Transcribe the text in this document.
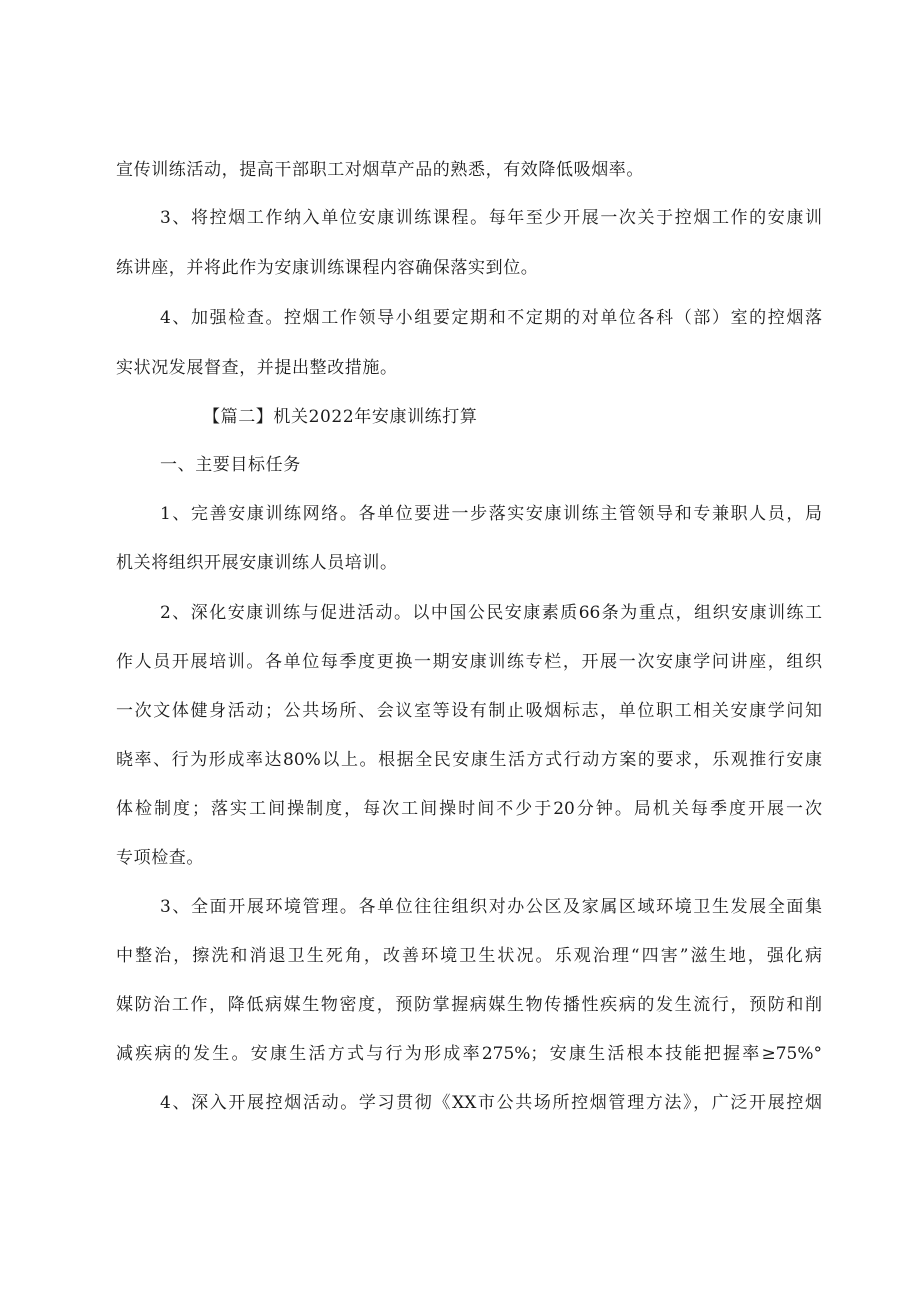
宣传训练活动，提高干部职工对烟草产品的熟悉，有效降低吸烟率。
3、将控烟工作纳入单位安康训练课程。每年至少开展一次关于控烟工作的安康训
练讲座，并将此作为安康训练课程内容确保落实到位。
4、加强检查。控烟工作领导小组要定期和不定期的对单位各科（部）室的控烟落
实状况发展督查，并提出整改措施。
【篇二】机关2022年安康训练打算
一、主要目标任务
1、完善安康训练网络。各单位要进一步落实安康训练主管领导和专兼职人员，局
机关将组织开展安康训练人员培训。
2、深化安康训练与促进活动。以中国公民安康素质66条为重点，组织安康训练工
作人员开展培训。各单位每季度更换一期安康训练专栏，开展一次安康学问讲座，组织
一次文体健身活动；公共场所、会议室等设有制止吸烟标志，单位职工相关安康学问知
晓率、行为形成率达80%以上。根据全民安康生活方式行动方案的要求，乐观推行安康
体检制度；落实工间操制度，每次工间操时间不少于20分钟。局机关每季度开展一次
专项检查。
3、全面开展环境管理。各单位往往组织对办公区及家属区域环境卫生发展全面集
中整治，擦洗和消退卫生死角，改善环境卫生状况。乐观治理“四害”滋生地，强化病
媒防治工作，降低病媒生物密度，预防掌握病媒生物传播性疾病的发生流行，预防和削
减疾病的发生。安康生活方式与行为形成率275%；安康生活根本技能把握率≥75%°
4、深入开展控烟活动。学习贯彻《XX市公共场所控烟管理方法》，广泛开展控烟
